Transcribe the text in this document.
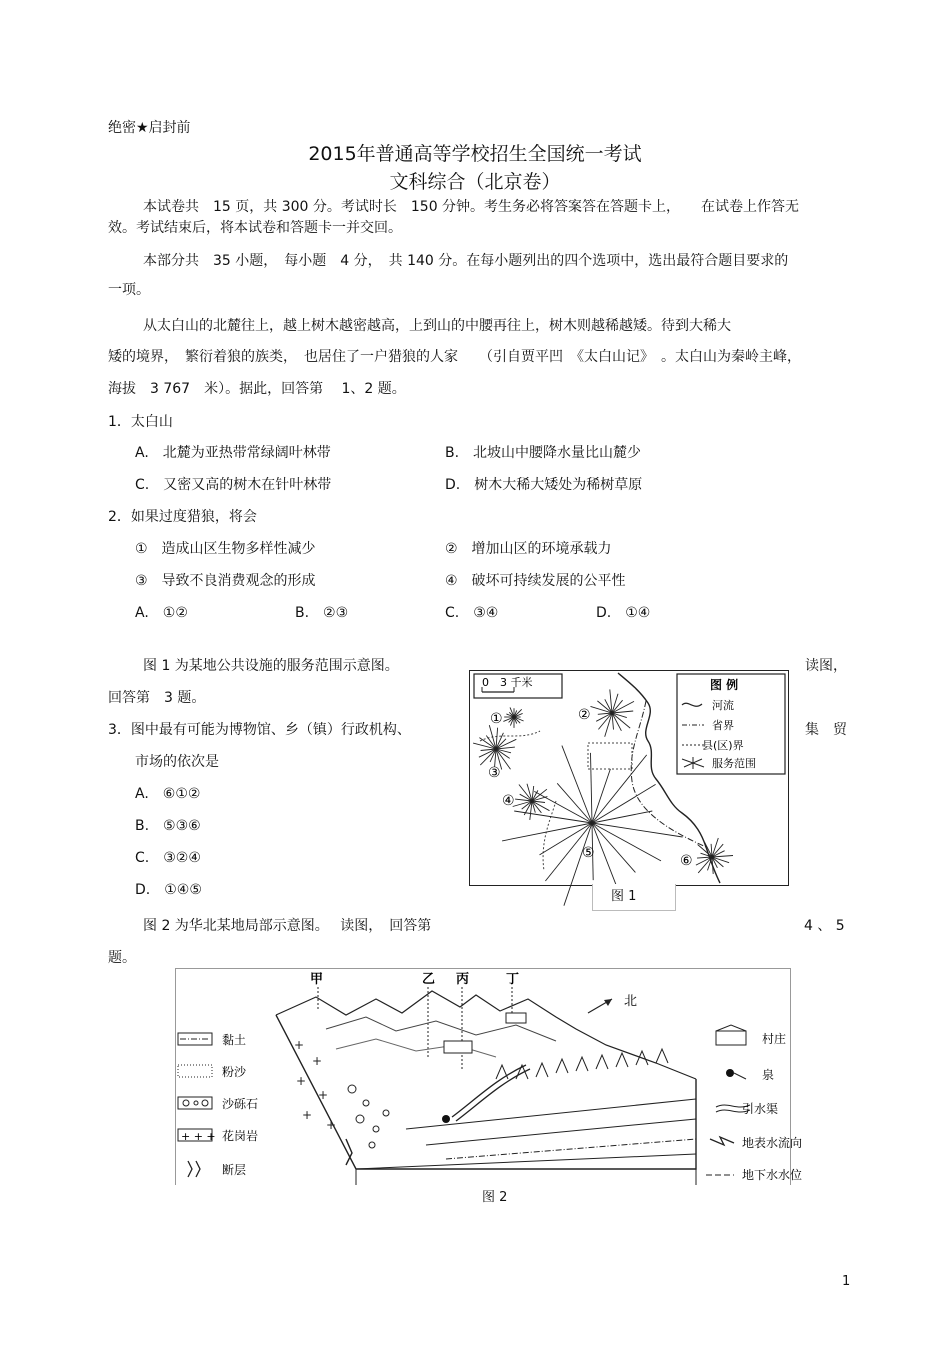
绝密★启封前
2015年普通高等学校招生全国统一考试
文科综合（北京卷）
本试卷共　15 页，共 300 分。考试时长　150 分钟。考生务必将答案答在答题卡上，　　在试卷上作答无
效。考试结束后，将本试卷和答题卡一并交回。
本部分共　35 小题，　每小题　4 分，　共 140 分。在每小题列出的四个选项中，选出最符合题目要求的
一项。
从太白山的北麓往上，越上树木越密越高，上到山的中腰再往上，树木则越稀越矮。待到大稀大
矮的境界，　繁衍着狼的族类，　也居住了一户猎狼的人家　　（引自贾平凹　《太白山记》　。太白山为秦岭主峰，
海拔　3 767　米）。据此，回答第　 1、2 题。
1．太白山
A.　北麓为亚热带常绿阔叶林带	B.　北坡山中腰降水量比山麓少
C.　又密又高的树木在针叶林带	D.　树木大稀大矮处为稀树草原
2．如果过度猎狼，将会
①　造成山区生物多样性减少	②　增加山区的环境承载力
③　导致不良消费观念的形成	④　破坏可持续发展的公平性
A.　①②	B.　②③	C.　③④	D.　①④
图 1 为某地公共设施的服务范围示意图。	读图，
回答第　3 题。
3．图中最有可能为博物馆、乡（镇）行政机构、	集　贸
市场的依次是
A.　⑥①②
B.　⑤③⑥
C.　③②④
D.　①④⑤
0　3 千米
①	②
③
④
⑤	⑥
图 例
河流
省界
县(区)界
服务范围
图 1
图 2 为华北某地局部示意图。　 读图，　回答第	4 、 5
题。
甲	乙 丙	丁
北
+
+
+
+
+
+
黏土
粉沙
沙砾石
+ + + 花岗岩
断层
村庄
泉
引水渠
地表水流向
地下水水位
图 2
1
